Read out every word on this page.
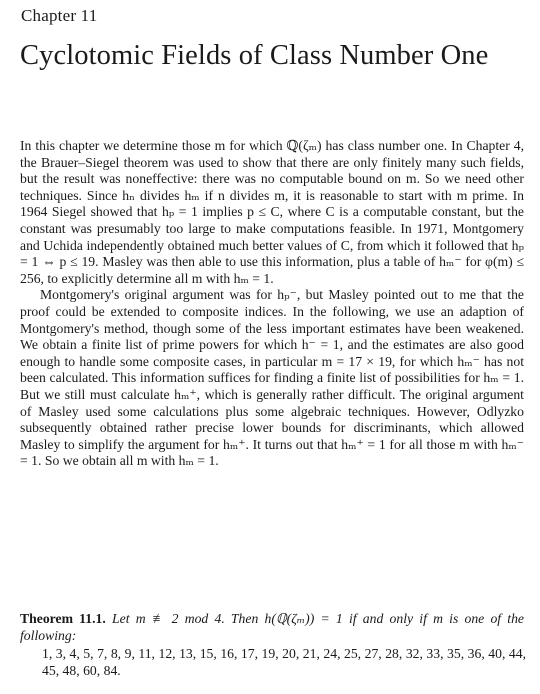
Chapter 11
Cyclotomic Fields of Class Number One

In this chapter we determine those m for which ℚ(ζₘ) has class number one. In Chapter 4, the Brauer–Siegel theorem was used to show that there are only finitely many such fields, but the result was noneffective: there was no computable bound on m. So we need other techniques. Since hₙ divides hₘ if n divides m, it is reasonable to start with m prime. In 1964 Siegel showed that hₚ = 1 implies p ≤ C, where C is a computable constant, but the constant was presumably too large to make computations feasible. In 1971, Montgomery and Uchida independently obtained much better values of C, from which it followed that hₚ = 1 ⇔ p ≤ 19. Masley was then able to use this information, plus a table of hₘ⁻ for φ(m) ≤ 256, to explicitly determine all m with hₘ = 1.

Montgomery's original argument was for hₚ⁻, but Masley pointed out to me that the proof could be extended to composite indices. In the following, we use an adaption of Montgomery's method, though some of the less important estimates have been weakened. We obtain a finite list of prime powers for which h⁻ = 1, and the estimates are also good enough to handle some composite cases, in particular m = 17 × 19, for which hₘ⁻ has not been calculated. This information suffices for finding a finite list of possibilities for hₘ = 1. But we still must calculate hₘ⁺, which is generally rather difficult. The original argument of Masley used some calculations plus some algebraic techniques. However, Odlyzko subsequently obtained rather precise lower bounds for discriminants, which allowed Masley to simplify the argument for hₘ⁺. It turns out that hₘ⁺ = 1 for all those m with hₘ⁻ = 1. So we obtain all m with hₘ = 1.

Theorem 11.1. Let m ≢ 2 mod 4. Then h(ℚ(ζₘ)) = 1 if and only if m is one of the following:
1, 3, 4, 5, 7, 8, 9, 11, 12, 13, 15, 16, 17, 19, 20, 21, 24, 25, 27, 28, 32, 33, 35, 36, 40, 44, 45, 48, 60, 84.
